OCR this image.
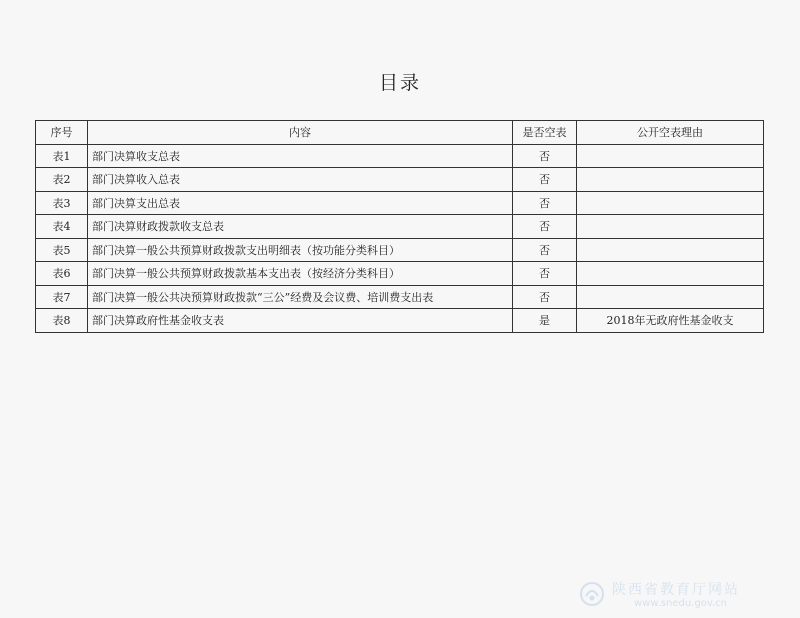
目录
序号	内容	是否空表	公开空表理由
表1	部门决算收支总表	否	
表2	部门决算收入总表	否	
表3	部门决算支出总表	否	
表4	部门决算财政拨款收支总表	否	
表5	部门决算一般公共预算财政拨款支出明细表（按功能分类科目）	否	
表6	部门决算一般公共预算财政拨款基本支出表（按经济分类科目）	否	
表7	部门决算一般公共决预算财政拨款“三公”经费及会议费、培训费支出表	否	
表8	部门决算政府性基金收支表	是	2018年无政府性基金收支
陕西省教育厅网站
www.snedu.gov.cn
